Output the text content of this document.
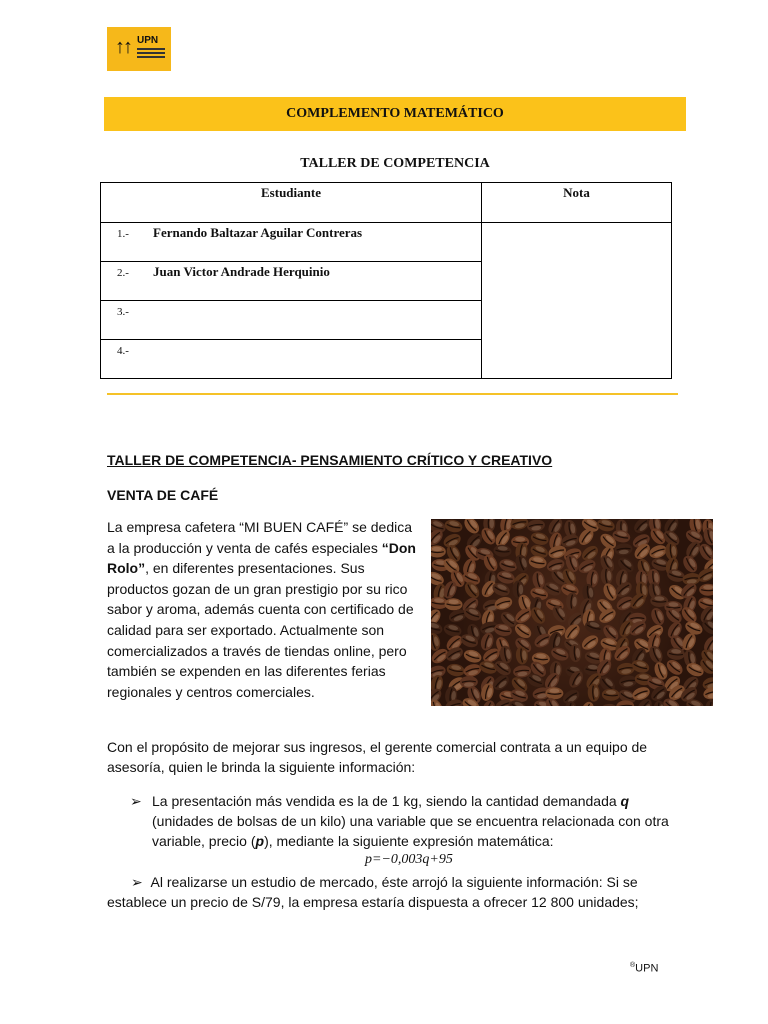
↑↑ UPN
COMPLEMENTO MATEMÁTICO
TALLER DE COMPETENCIA
Estudiante	Nota
1.- Fernando Baltazar Aguilar Contreras	
2.- Juan Victor Andrade Herquinio	
3.-	
4.-	
TALLER DE COMPETENCIA- PENSAMIENTO CRÍTICO Y CREATIVO
VENTA DE CAFÉ
La empresa cafetera “MI BUEN CAFÉ” se dedica a la producción y venta de cafés especiales “Don Rolo”, en diferentes presentaciones. Sus productos gozan de un gran prestigio por su rico sabor y aroma, además cuenta con certificado de calidad para ser exportado. Actualmente son comercializados a través de tiendas online, pero también se expenden en las diferentes ferias regionales y centros comerciales.
Con el propósito de mejorar sus ingresos, el gerente comercial contrata a un equipo de asesoría, quien le brinda la siguiente información:
➢ La presentación más vendida es la de 1 kg, siendo la cantidad demandada q (unidades de bolsas de un kilo) una variable que se encuentra relacionada con otra variable, precio (p), mediante la siguiente expresión matemática:
p=−0,003q+95
➢ Al realizarse un estudio de mercado, éste arrojó la siguiente información: Si se establece un precio de S/79, la empresa estaría dispuesta a ofrecer 12 800 unidades;
®UPN
